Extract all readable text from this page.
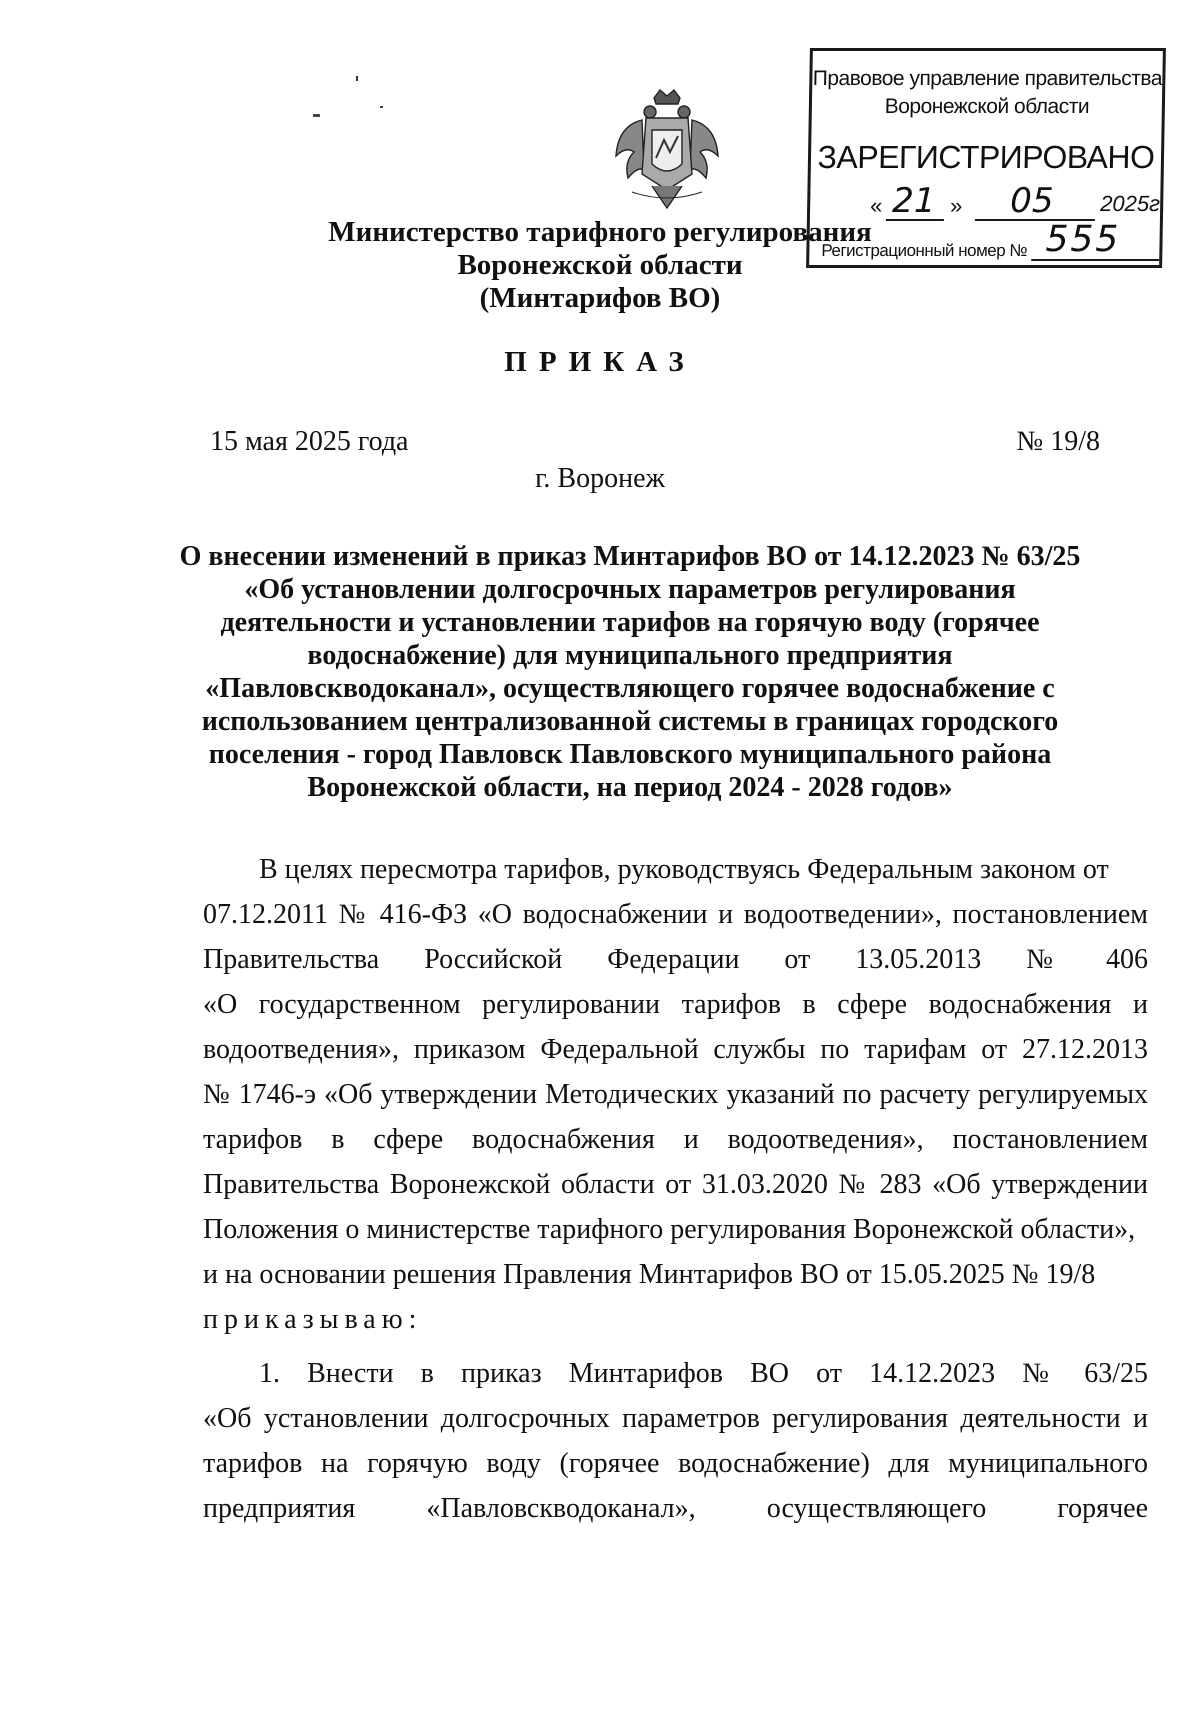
Правовое управление правительства
Воронежской области
ЗАРЕГИСТРИРОВАНО
« 21 » 05 2025г.
Регистрационный номер № 555
Министерство тарифного регулирования
Воронежской области
(Минтарифов ВО)
ПРИКАЗ
15 мая 2025 года	№ 19/8
г. Воронеж
О внесении изменений в приказ Минтарифов ВО от 14.12.2023 № 63/25
«Об установлении долгосрочных параметров регулирования
деятельности и установлении тарифов на горячую воду (горячее
водоснабжение) для муниципального предприятия
«Павловскводоканал», осуществляющего горячее водоснабжение с
использованием централизованной системы в границах городского
поселения - город Павловск Павловского муниципального района
Воронежской области, на период 2024 - 2028 годов»
В целях пересмотра тарифов, руководствуясь Федеральным законом от
07.12.2011 № 416-ФЗ «О водоснабжении и водоотведении», постановлением
Правительства Российской Федерации от 13.05.2013 № 406
«О государственном регулировании тарифов в сфере водоснабжения и
водоотведения», приказом Федеральной службы по тарифам от 27.12.2013
№ 1746-э «Об утверждении Методических указаний по расчету регулируемых
тарифов в сфере водоснабжения и водоотведения», постановлением
Правительства Воронежской области от 31.03.2020 № 283 «Об утверждении
Положения о министерстве тарифного регулирования Воронежской области»,
и на основании решения Правления Минтарифов ВО от 15.05.2025 № 19/8
приказываю:
1. Внести в приказ Минтарифов ВО от 14.12.2023 № 63/25
«Об установлении долгосрочных параметров регулирования деятельности и
тарифов на горячую воду (горячее водоснабжение) для муниципального
предприятия «Павловскводоканал», осуществляющего горячее
